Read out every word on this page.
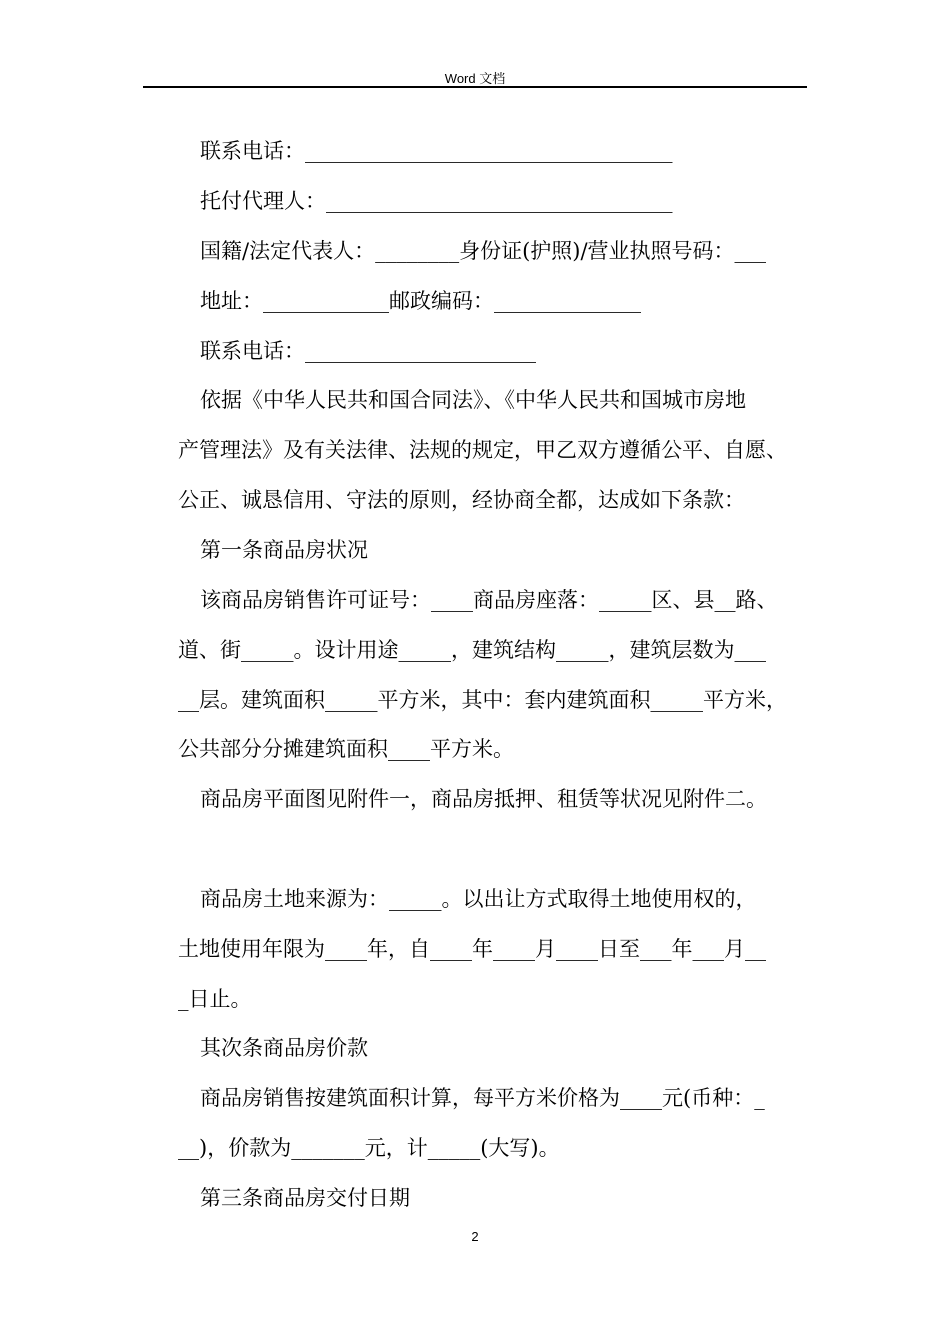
Word 文档
联系电话：___________________________________
托付代理人：_________________________________
国籍/法定代表人：________身份证(护照)/营业执照号码：___
地址：____________邮政编码：______________
联系电话：______________________
依据《中华人民共和国合同法》、《中华人民共和国城市房地
产管理法》及有关法律、法规的规定，甲乙双方遵循公平、自愿、
公正、诚恳信用、守法的原则，经协商全都，达成如下条款：
第一条商品房状况
该商品房销售许可证号：____商品房座落：_____区、县__路、
道、街_____。设计用途_____，建筑结构_____，建筑层数为___
__层。建筑面积_____平方米，其中：套内建筑面积_____平方米，
公共部分分摊建筑面积____平方米。
商品房平面图见附件一，商品房抵押、租赁等状况见附件二。
商品房土地来源为：_____。以出让方式取得土地使用权的，
土地使用年限为____年，自____年____月____日至___年___月__
_日止。
其次条商品房价款
商品房销售按建筑面积计算，每平方米价格为____元(币种：_
__)，价款为_______元，计_____(大写)。
第三条商品房交付日期
2
